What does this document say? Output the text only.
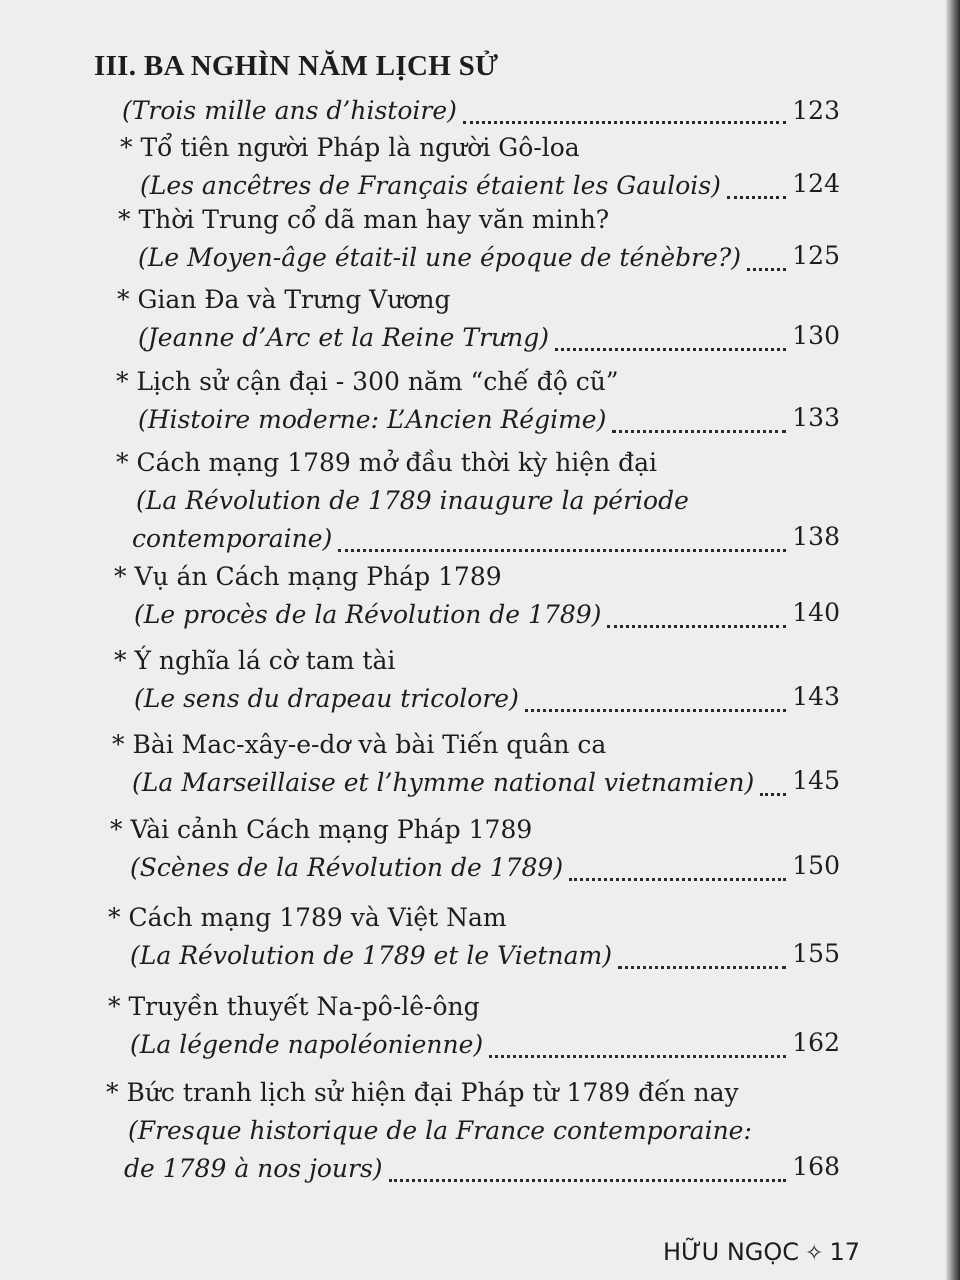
III. BA NGHÌN NĂM LỊCH SỬ
(Trois mille ans d’histoire)	123
* Tổ tiên người Pháp là người Gô-loa
(Les ancêtres de Français étaient les Gaulois)	124
* Thời Trung cổ dã man hay văn minh?
(Le Moyen-âge était-il une époque de ténèbre?) 125
* Gian Đa và Trưng Vương
(Jeanne d’Arc et la Reine Trưng)	130
* Lịch sử cận đại - 300 năm “chế độ cũ”
(Histoire moderne: L’Ancien Régime)	133
* Cách mạng 1789 mở đầu thời kỳ hiện đại
(La Révolution de 1789 inaugure la période
contemporaine)	138
* Vụ án Cách mạng Pháp 1789
(Le procès de la Révolution de 1789)	140
* Ý nghĩa lá cờ tam tài
(Le sens du drapeau tricolore)	143
* Bài Mac-xây-e-dơ và bài Tiến quân ca
(La Marseillaise et l’hymme national vietnamien) 145
* Vài cảnh Cách mạng Pháp 1789
(Scènes de la Révolution de 1789)	150
* Cách mạng 1789 và Việt Nam
(La Révolution de 1789 et le Vietnam)	155
* Truyền thuyết Na-pô-lê-ông
(La légende napoléonienne)	162
* Bức tranh lịch sử hiện đại Pháp từ 1789 đến nay
(Fresque historique de la France contemporaine:
de 1789 à nos jours)	168
HỮU NGỌC ✧ 17
